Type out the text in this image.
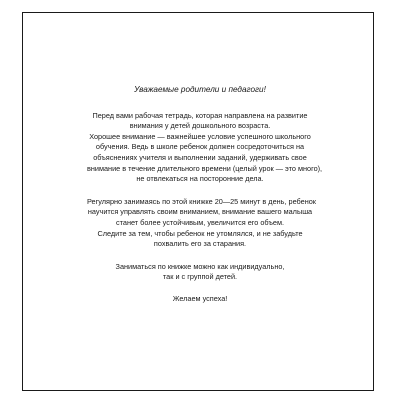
Уважаемые родители и педагоги!

Перед вами рабочая тетрадь, которая направлена на развитие
внимания у детей дошкольного возраста.
Хорошее внимание — важнейшее условие успешного школьного
обучения. Ведь в школе ребенок должен сосредоточиться на
объяснениях учителя и выполнении заданий, удерживать свое
внимание в течение длительного времени (целый урок — это много),
не отвлекаться на посторонние дела.

Регулярно занимаясь по этой книжке 20—25 минут в день, ребенок
научится управлять своим вниманием, внимание вашего малыша
станет более устойчивым, увеличится его объем.
Следите за тем, чтобы ребенок не утомлялся, и не забудьте
похвалить его за старания.

Заниматься по книжке можно как индивидуально,
так и с группой детей.

Желаем успеха!
